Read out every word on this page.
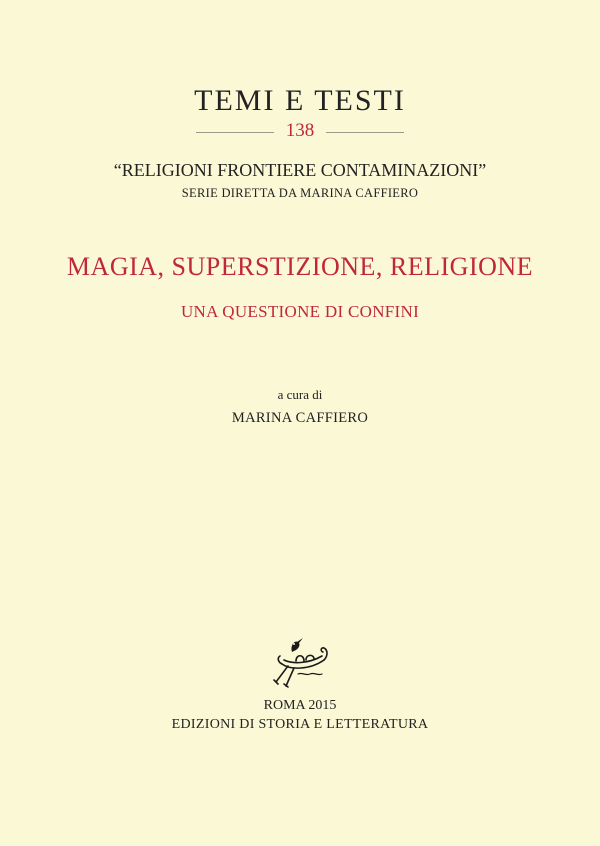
TEMI E TESTI
138
“RELIGIONI FRONTIERE CONTAMINAZIONI”
SERIE DIRETTA DA MARINA CAFFIERO
MAGIA, SUPERSTIZIONE, RELIGIONE
UNA QUESTIONE DI CONFINI
a cura di
MARINA CAFFIERO
ROMA 2015
EDIZIONI DI STORIA E LETTERATURA
